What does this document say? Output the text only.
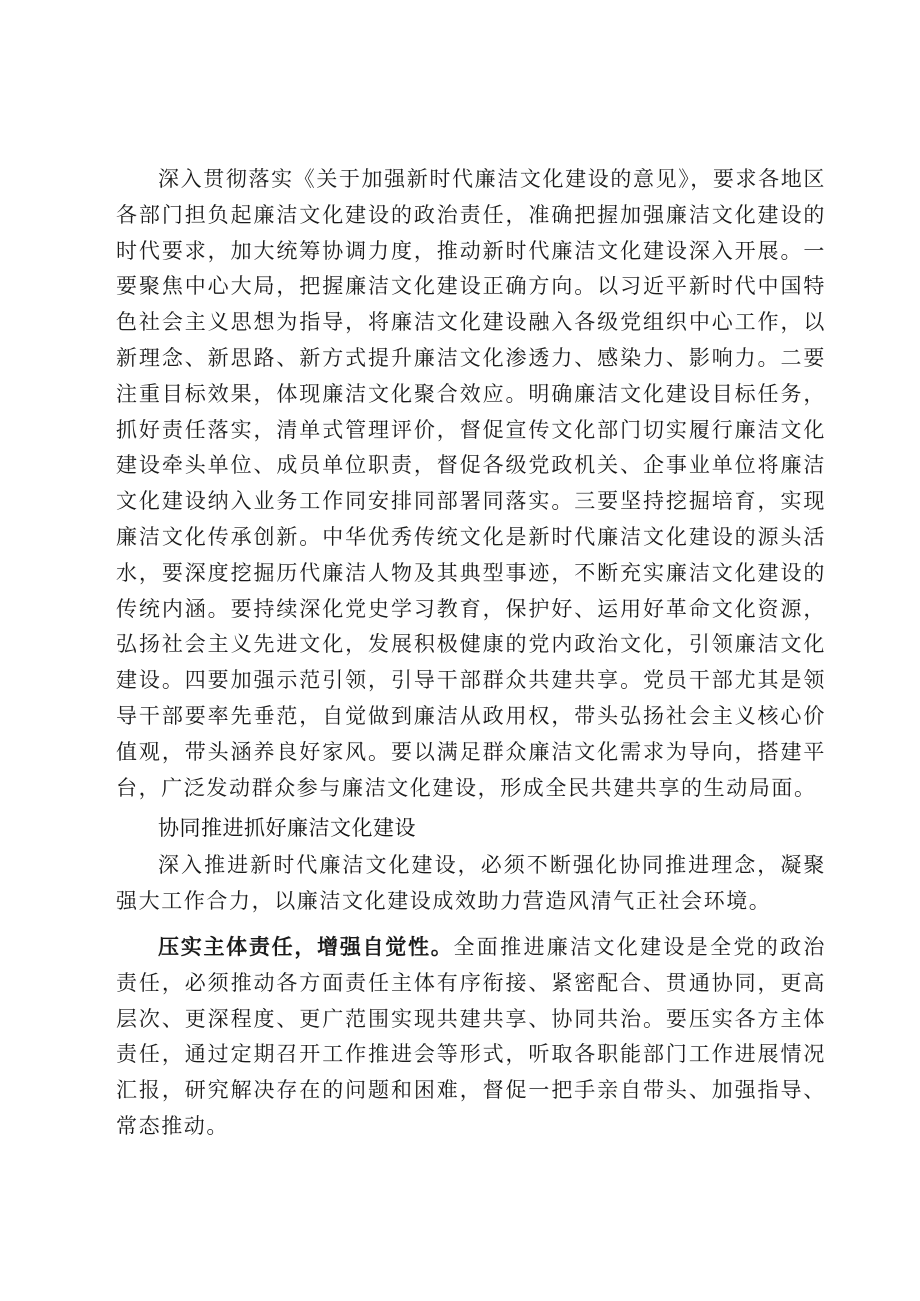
深入贯彻落实《关于加强新时代廉洁文化建设的意见》，要求各地区各部门担负起廉洁文化建设的政治责任，准确把握加强廉洁文化建设的时代要求，加大统筹协调力度，推动新时代廉洁文化建设深入开展。一要聚焦中心大局，把握廉洁文化建设正确方向。以习近平新时代中国特色社会主义思想为指导，将廉洁文化建设融入各级党组织中心工作，以新理念、新思路、新方式提升廉洁文化渗透力、感染力、影响力。二要注重目标效果，体现廉洁文化聚合效应。明确廉洁文化建设目标任务，抓好责任落实，清单式管理评价，督促宣传文化部门切实履行廉洁文化建设牵头单位、成员单位职责，督促各级党政机关、企事业单位将廉洁文化建设纳入业务工作同安排同部署同落实。三要坚持挖掘培育，实现廉洁文化传承创新。中华优秀传统文化是新时代廉洁文化建设的源头活水，要深度挖掘历代廉洁人物及其典型事迹，不断充实廉洁文化建设的传统内涵。要持续深化党史学习教育，保护好、运用好革命文化资源，弘扬社会主义先进文化，发展积极健康的党内政治文化，引领廉洁文化建设。四要加强示范引领，引导干部群众共建共享。党员干部尤其是领导干部要率先垂范，自觉做到廉洁从政用权，带头弘扬社会主义核心价值观，带头涵养良好家风。要以满足群众廉洁文化需求为导向，搭建平台，广泛发动群众参与廉洁文化建设，形成全民共建共享的生动局面。

协同推进抓好廉洁文化建设

深入推进新时代廉洁文化建设，必须不断强化协同推进理念，凝聚强大工作合力，以廉洁文化建设成效助力营造风清气正社会环境。

压实主体责任，增强自觉性。全面推进廉洁文化建设是全党的政治责任，必须推动各方面责任主体有序衔接、紧密配合、贯通协同，更高层次、更深程度、更广范围实现共建共享、协同共治。要压实各方主体责任，通过定期召开工作推进会等形式，听取各职能部门工作进展情况汇报，研究解决存在的问题和困难，督促一把手亲自带头、加强指导、常态推动。
